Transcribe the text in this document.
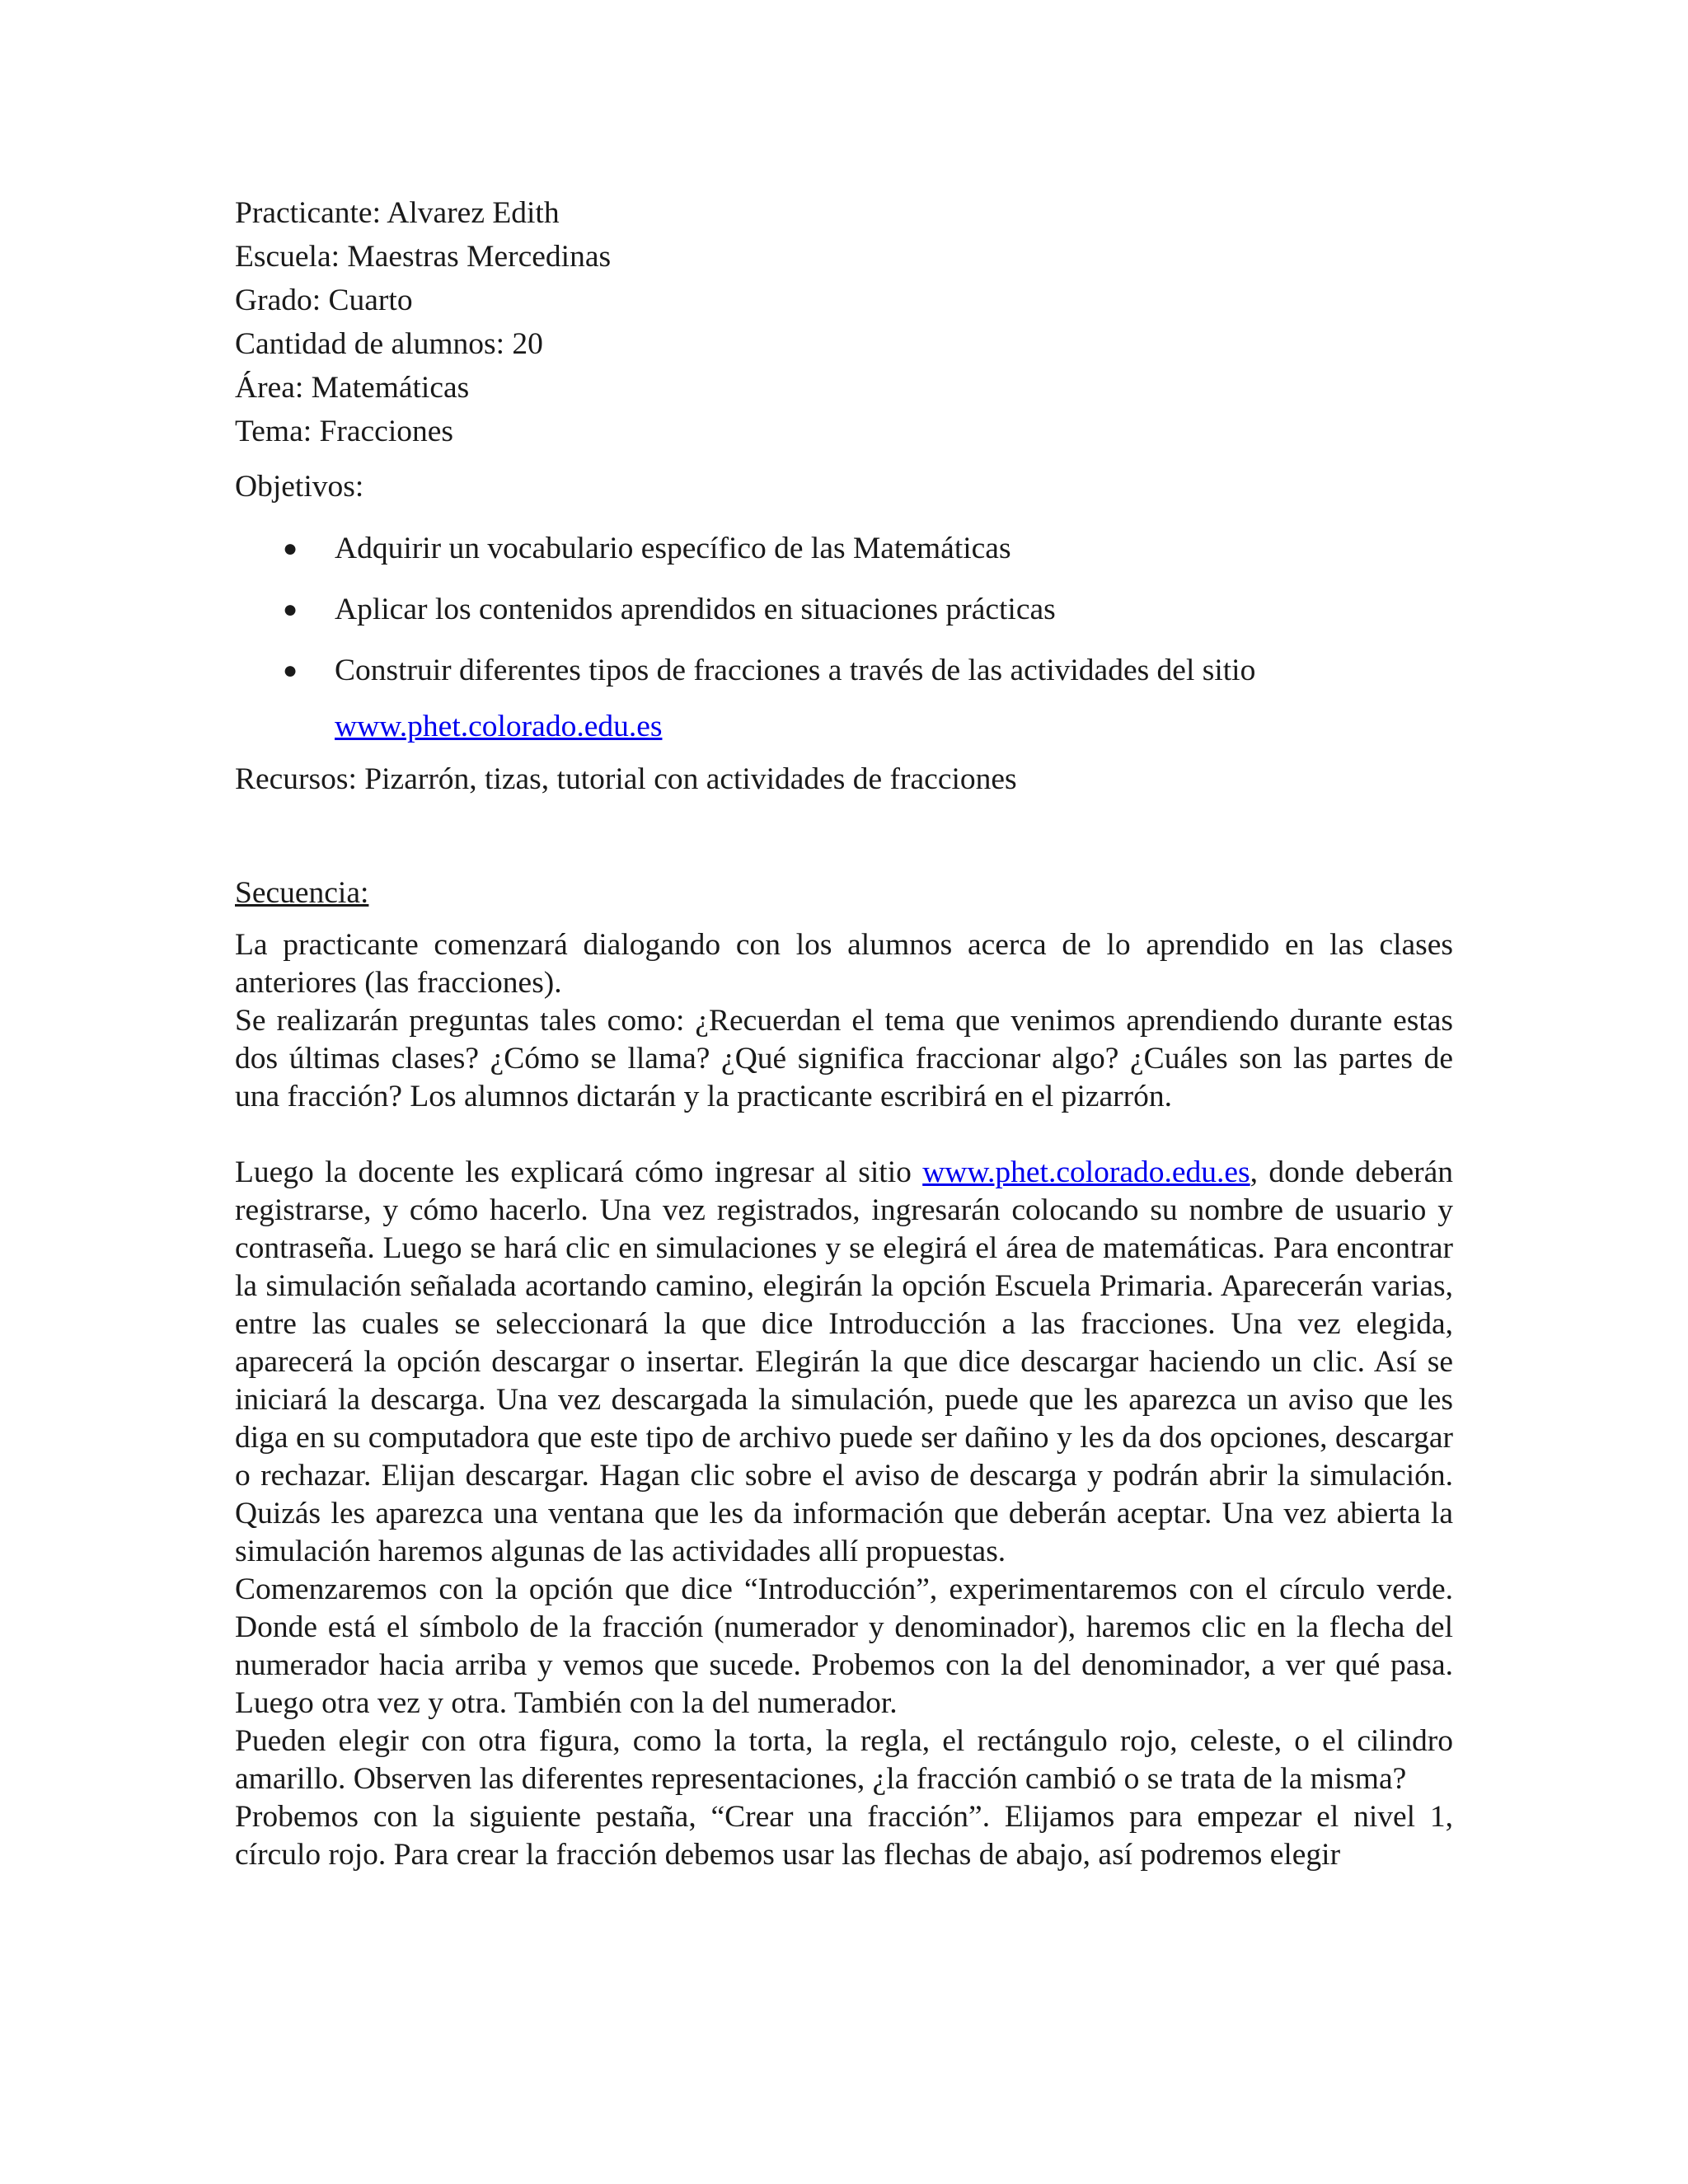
Practicante: Alvarez Edith
Escuela: Maestras Mercedinas
Grado: Cuarto
Cantidad de alumnos: 20
Área: Matemáticas
Tema: Fracciones
Objetivos:
● Adquirir un vocabulario específico de las Matemáticas
● Aplicar los contenidos aprendidos en situaciones prácticas
● Construir diferentes tipos de fracciones a través de las actividades del sitio
www.phet.colorado.edu.es
Recursos: Pizarrón, tizas, tutorial con actividades de fracciones
Secuencia:

La practicante comenzará dialogando con los alumnos acerca de lo aprendido en las clases anteriores (las fracciones).

Se realizarán preguntas tales como: ¿Recuerdan el tema que venimos aprendiendo durante estas dos últimas clases? ¿Cómo se llama? ¿Qué significa fraccionar algo? ¿Cuáles son las partes de una fracción? Los alumnos dictarán y la practicante escribirá en el pizarrón.

Luego la docente les explicará cómo ingresar al sitio www.phet.colorado.edu.es, donde deberán registrarse, y cómo hacerlo. Una vez registrados, ingresarán colocando su nombre de usuario y contraseña. Luego se hará clic en simulaciones y se elegirá el área de matemáticas. Para encontrar la simulación señalada acortando camino, elegirán la opción Escuela Primaria. Aparecerán varias, entre las cuales se seleccionará la que dice Introducción a las fracciones. Una vez elegida, aparecerá la opción descargar o insertar. Elegirán la que dice descargar haciendo un clic. Así se iniciará la descarga. Una vez descargada la simulación, puede que les aparezca un aviso que les diga en su computadora que este tipo de archivo puede ser dañino y les da dos opciones, descargar o rechazar. Elijan descargar. Hagan clic sobre el aviso de descarga y podrán abrir la simulación. Quizás les aparezca una ventana que les da información que deberán aceptar. Una vez abierta la simulación haremos algunas de las actividades allí propuestas.

Comenzaremos con la opción que dice “Introducción”, experimentaremos con el círculo verde. Donde está el símbolo de la fracción (numerador y denominador), haremos clic en la flecha del numerador hacia arriba y vemos que sucede. Probemos con la del denominador, a ver qué pasa. Luego otra vez y otra. También con la del numerador.

Pueden elegir con otra figura, como la torta, la regla, el rectángulo rojo, celeste, o el cilindro amarillo. Observen las diferentes representaciones, ¿la fracción cambió o se trata de la misma?

Probemos con la siguiente pestaña, “Crear una fracción”. Elijamos para empezar el nivel 1, círculo rojo. Para crear la fracción debemos usar las flechas de abajo, así podremos elegir
